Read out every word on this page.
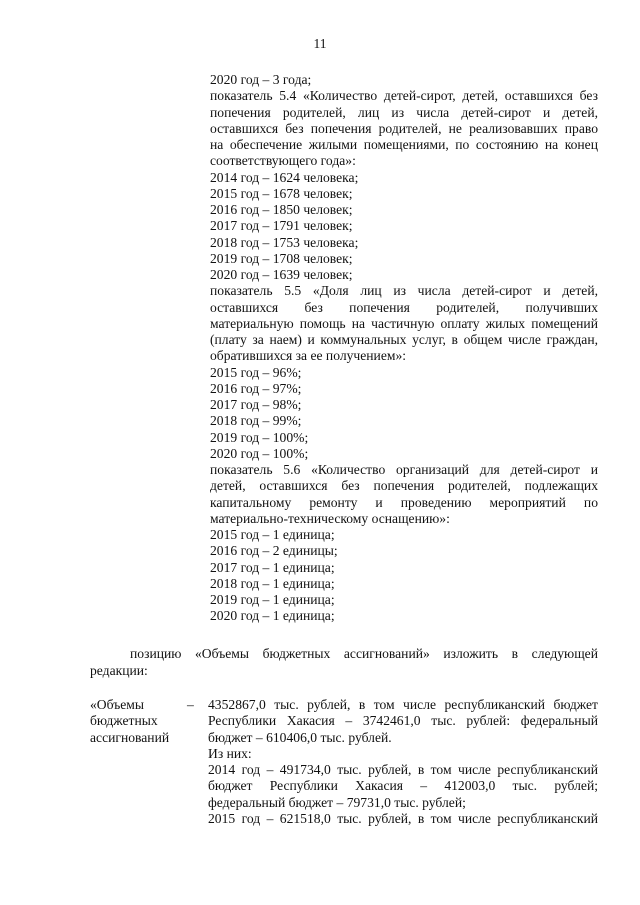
11
2020 год – 3 года;
показатель 5.4 «Количество детей-сирот, детей, оставшихся без
попечения родителей, лиц из числа детей-сирот и детей,
оставшихся без попечения родителей, не реализовавших право
на обеспечение жилыми помещениями, по состоянию на конец
соответствующего года»:
2014 год – 1624 человека;
2015 год – 1678 человек;
2016 год – 1850 человек;
2017 год – 1791 человек;
2018 год – 1753 человека;
2019 год – 1708 человек;
2020 год – 1639 человек;
показатель 5.5 «Доля лиц из числа детей-сирот и детей,
оставшихся без попечения родителей, получивших
материальную помощь на частичную оплату жилых помещений
(плату за наем) и коммунальных услуг, в общем числе граждан,
обратившихся за ее получением»:
2015 год – 96%;
2016 год – 97%;
2017 год – 98%;
2018 год – 99%;
2019 год – 100%;
2020 год – 100%;
показатель 5.6 «Количество организаций для детей-сирот и
детей, оставшихся без попечения родителей, подлежащих
капитальному ремонту и проведению мероприятий по
материально-техническому оснащению»:
2015 год – 1 единица;
2016 год – 2 единицы;
2017 год – 1 единица;
2018 год – 1 единица;
2019 год – 1 единица;
2020 год – 1 единица;
позицию «Объемы бюджетных ассигнований» изложить в следующей
редакции:
«Объемы
бюджетных
ассигнований
–	4352867,0 тыс. рублей, в том числе республиканский бюджет
Республики Хакасия – 3742461,0 тыс. рублей: федеральный
бюджет – 610406,0 тыс. рублей.
Из них:
2014 год – 491734,0 тыс. рублей, в том числе республиканский
бюджет Республики Хакасия – 412003,0 тыс. рублей;
федеральный бюджет – 79731,0 тыс. рублей;
2015 год – 621518,0 тыс. рублей, в том числе республиканский
